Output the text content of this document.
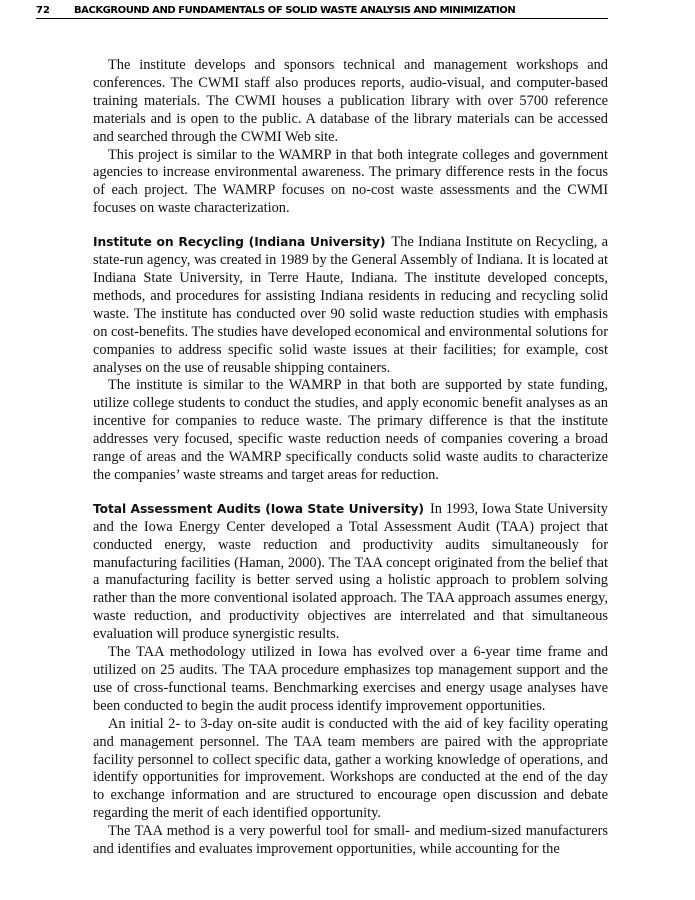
72 BACKGROUND AND FUNDAMENTALS OF SOLID WASTE ANALYSIS AND MINIMIZATION

The institute develops and sponsors technical and management workshops and conferences. The CWMI staff also produces reports, audio-visual, and computer-based training materials. The CWMI houses a publication library with over 5700 reference materials and is open to the public. A database of the library materials can be accessed and searched through the CWMI Web site.

This project is similar to the WAMRP in that both integrate colleges and government agencies to increase environmental awareness. The primary difference rests in the focus of each project. The WAMRP focuses on no-cost waste assessments and the CWMI focuses on waste characterization.

Institute on Recycling (Indiana University) The Indiana Institute on Recycling, a state-run agency, was created in 1989 by the General Assembly of Indiana. It is located at Indiana State University, in Terre Haute, Indiana. The institute developed concepts, methods, and procedures for assisting Indiana residents in reducing and recycling solid waste. The institute has conducted over 90 solid waste reduction studies with emphasis on cost-benefits. The studies have developed economical and environmental solutions for companies to address specific solid waste issues at their facilities; for example, cost analyses on the use of reusable shipping containers.

The institute is similar to the WAMRP in that both are supported by state funding, utilize college students to conduct the studies, and apply economic benefit analyses as an incentive for companies to reduce waste. The primary difference is that the institute addresses very focused, specific waste reduction needs of companies covering a broad range of areas and the WAMRP specifically conducts solid waste audits to characterize the companies’ waste streams and target areas for reduction.

Total Assessment Audits (Iowa State University) In 1993, Iowa State University and the Iowa Energy Center developed a Total Assessment Audit (TAA) project that conducted energy, waste reduction and productivity audits simultaneously for manufacturing facilities (Haman, 2000). The TAA concept originated from the belief that a manufacturing facility is better served using a holistic approach to problem solving rather than the more conventional isolated approach. The TAA approach assumes energy, waste reduction, and productivity objectives are interrelated and that simultaneous evaluation will produce synergistic results.

The TAA methodology utilized in Iowa has evolved over a 6-year time frame and utilized on 25 audits. The TAA procedure emphasizes top management support and the use of cross-functional teams. Benchmarking exercises and energy usage analyses have been conducted to begin the audit process identify improvement opportunities.

An initial 2- to 3-day on-site audit is conducted with the aid of key facility operating and management personnel. The TAA team members are paired with the appropriate facility personnel to collect specific data, gather a working knowledge of operations, and identify opportunities for improvement. Workshops are conducted at the end of the day to exchange information and are structured to encourage open discussion and debate regarding the merit of each identified opportunity.

The TAA method is a very powerful tool for small- and medium-sized manufacturers and identifies and evaluates improvement opportunities, while accounting for the
